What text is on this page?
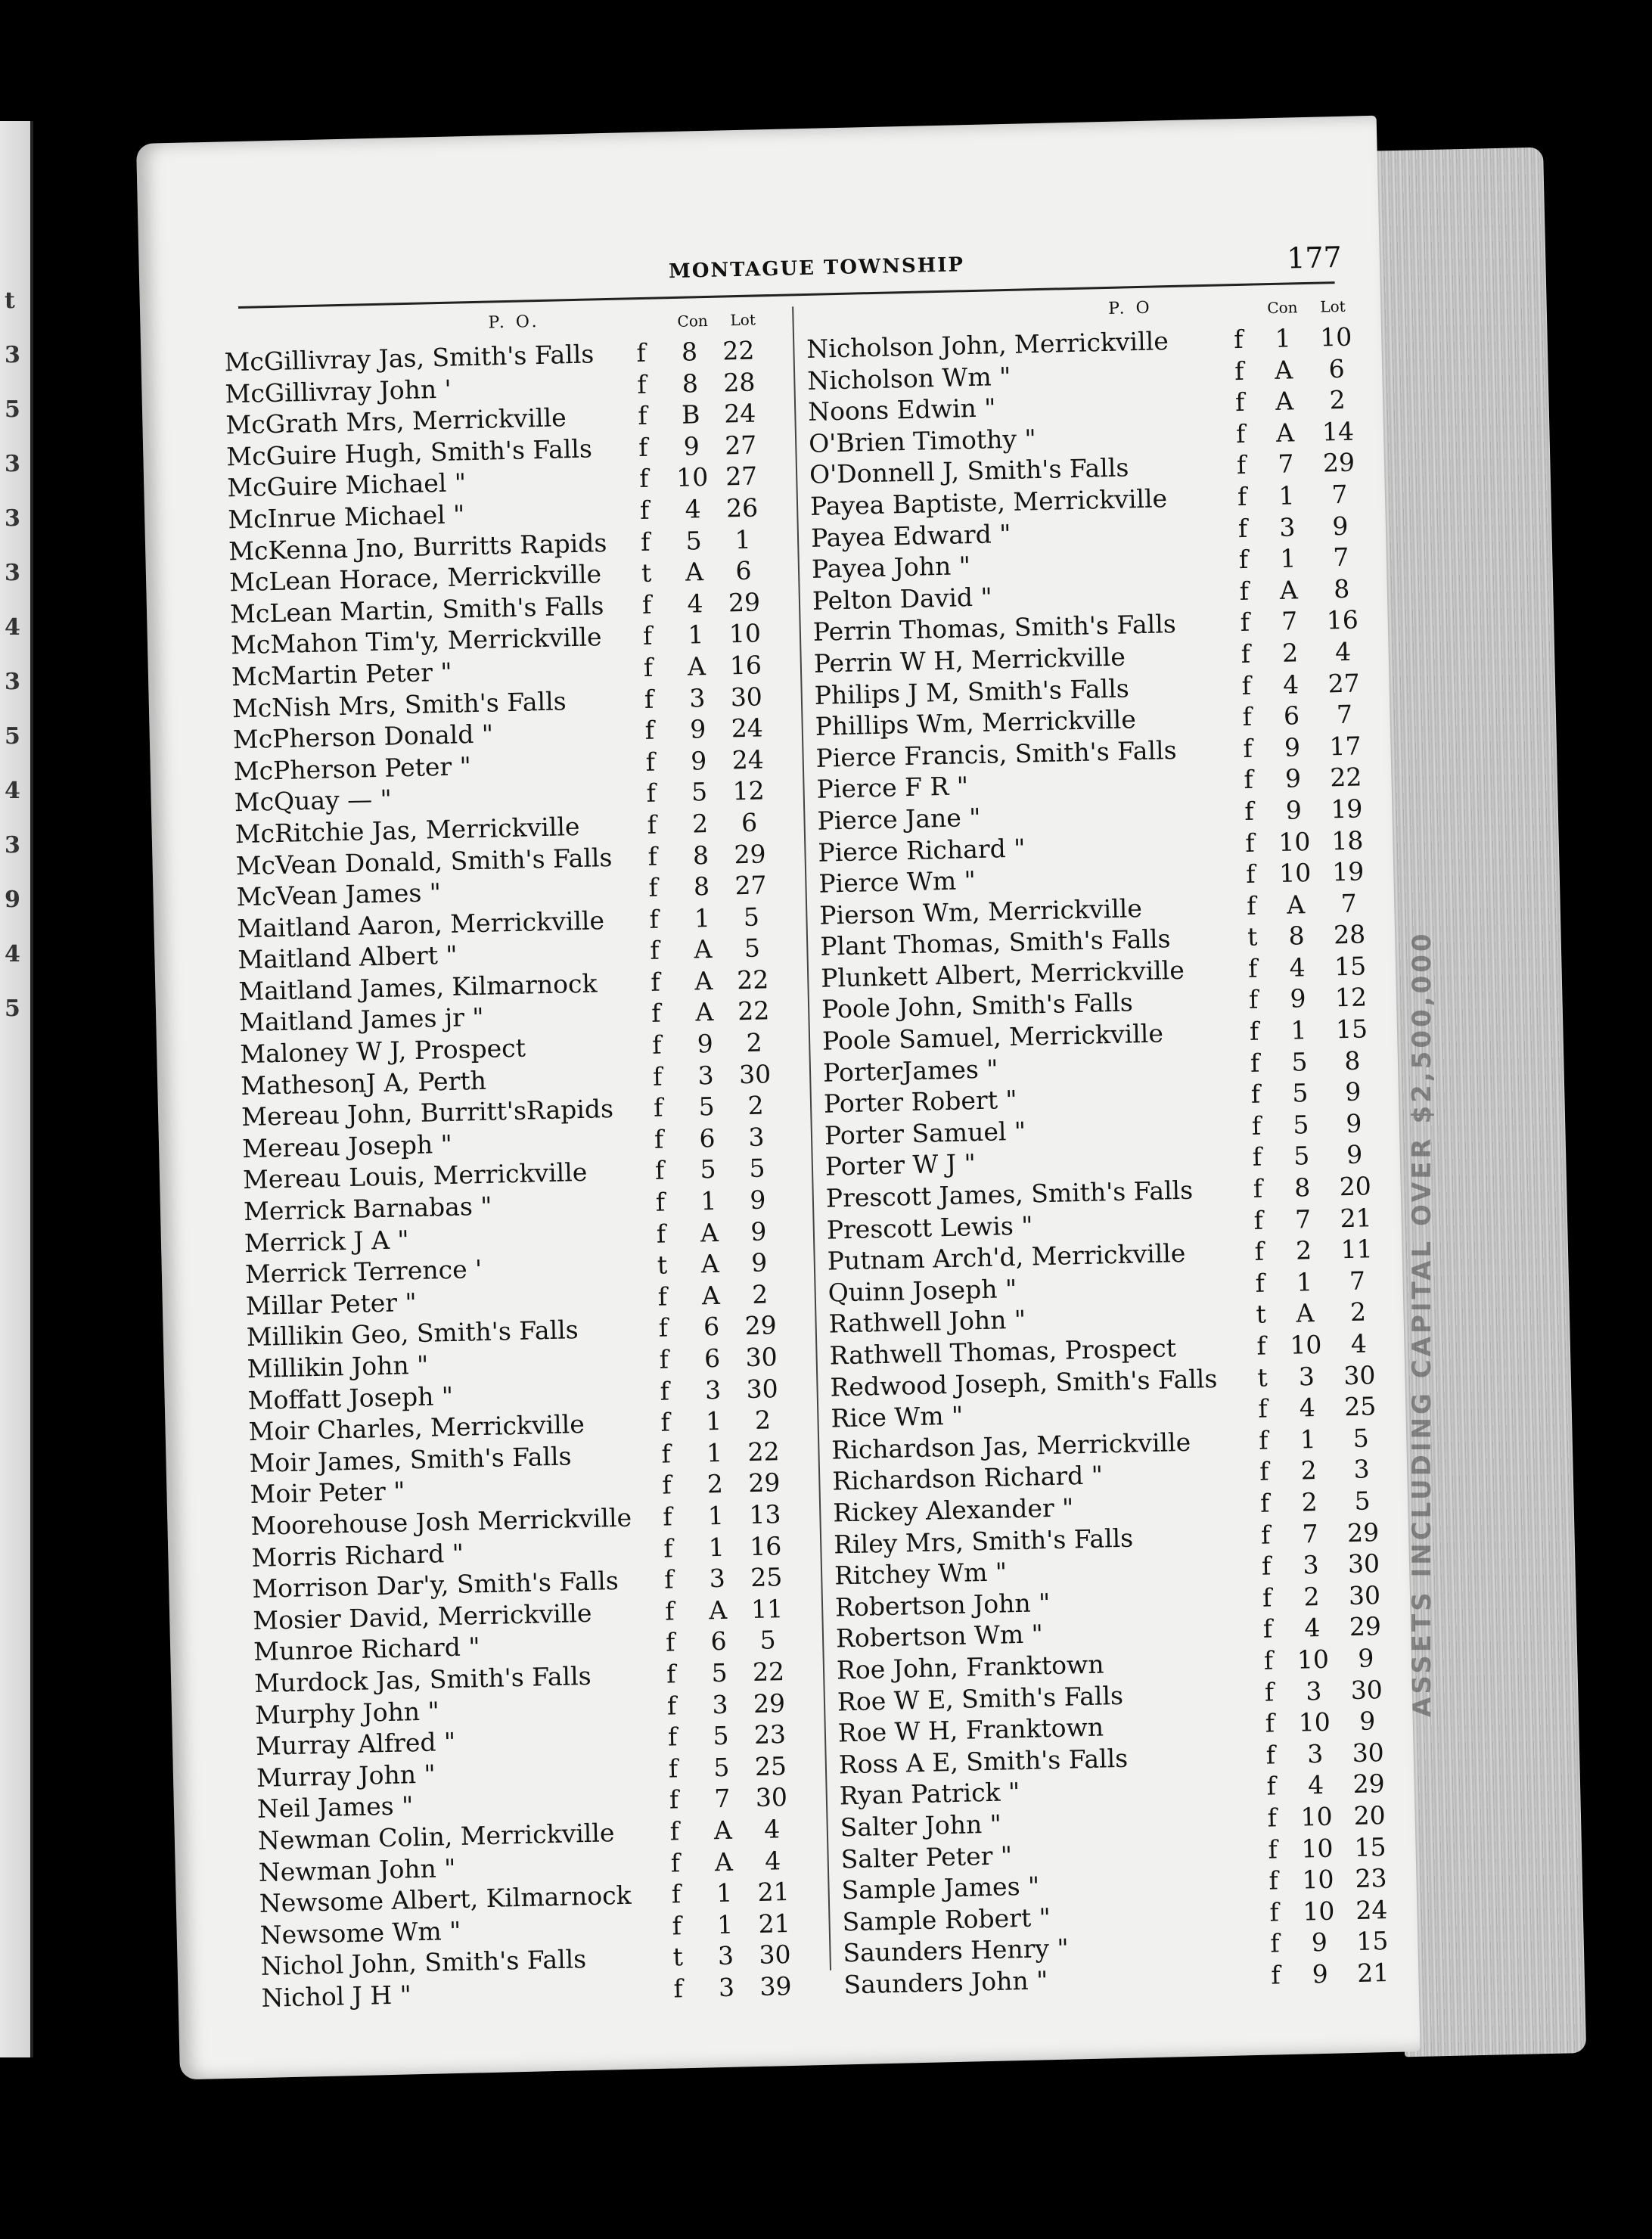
t
3
5
3
3
3
4
3
5
4
3
9
4
5	ASSETS INCLUDING CAPITAL OVER $2,500,000
MONTAGUE TOWNSHIP	177
P. O.	Con Lot
McGillivray Jas, Smith's Falls f	8 22
McGillivray John '	f	8 28
McGrath Mrs, Merrickville	f	B 24
McGuire Hugh, Smith's Falls f	9 27
McGuire Michael "	f 10 27
McInrue Michael "	f	4 26
McKenna Jno, Burritts Rapids f	5	1
McLean Horace, Merrickville t	A	6
McLean Martin, Smith's Falls f	4 29
McMahon Tim'y, Merrickville f	1 10
McMartin Peter "	f	A 16
McNish Mrs, Smith's Falls	f	3 30
McPherson Donald "	f	9 24
McPherson Peter "	f	9 24
McQuay — "	f	5 12
McRitchie Jas, Merrickville	f	2	6
McVean Donald, Smith's Falls f	8 29
McVean James "	f	8 27
Maitland Aaron, Merrickville f	1	5
Maitland Albert "	f	A	5
Maitland James, Kilmarnock f	A 22
Maitland James jr "	f	A 22
Maloney W J, Prospect	f	9	2
MathesonJ A, Perth	f	3 30
Mereau John, Burritt'sRapids f	5	2
Mereau Joseph "	f	6	3
Mereau Louis, Merrickville	f	5	5
Merrick Barnabas "	f	1	9
Merrick J A "	f	A	9
Merrick Terrence '	t	A	9
Millar Peter "	f	A	2
Millikin Geo, Smith's Falls	f	6 29
Millikin John "	f	6 30
Moffatt Joseph "	f	3 30
Moir Charles, Merrickville	f	1	2
Moir James, Smith's Falls	f	1 22
Moir Peter "	f	2 29
Moorehouse Josh Merrickville f	1 13
Morris Richard "	f	1 16
Morrison Dar'y, Smith's Falls f	3 25
Mosier David, Merrickville	f	A 11
Munroe Richard "	f	6	5
Murdock Jas, Smith's Falls	f	5 22
Murphy John "	f	3 29
Murray Alfred "	f	5 23
Murray John "	f	5 25
Neil James "	f	7 30
Newman Colin, Merrickville f	A	4
Newman John "	f	A	4
Newsome Albert, Kilmarnock f	1 21
Newsome Wm "	f	1 21
Nichol John, Smith's Falls	t	3 30
Nichol J H "	f	3 39
P. O	Con Lot
Nicholson John, Merrickville	f	1	10
Nicholson Wm "	f	A	6
Noons Edwin "	f	A	2
O'Brien Timothy "	f	A	14
O'Donnell J, Smith's Falls	f	7	29
Payea Baptiste, Merrickville	f	1	7
Payea Edward "	f	3	9
Payea John "	f	1	7
Pelton David "	f	A	8
Perrin Thomas, Smith's Falls	f	7	16
Perrin W H, Merrickville	f	2	4
Philips J M, Smith's Falls	f	4	27
Phillips Wm, Merrickville	f	6	7
Pierce Francis, Smith's Falls	f	9	17
Pierce F R "	f	9	22
Pierce Jane "	f	9	19
Pierce Richard "	f 10 18
Pierce Wm "	f 10 19
Pierson Wm, Merrickville	f	A	7
Plant Thomas, Smith's Falls	t	8	28
Plunkett Albert, Merrickville	f	4	15
Poole John, Smith's Falls	f	9	12
Poole Samuel, Merrickville	f	1	15
PorterJames "	f	5	8
Porter Robert "	f	5	9
Porter Samuel "	f	5	9
Porter W J "	f	5	9
Prescott James, Smith's Falls f	8	20
Prescott Lewis "	f	7	21
Putnam Arch'd, Merrickville	f	2	11
Quinn Joseph "	f	1	7
Rathwell John "	t	A	2
Rathwell Thomas, Prospect	f 10	4
Redwood Joseph, Smith's Falls t	3	30
Rice Wm "	f	4	25
Richardson Jas, Merrickville	f	1	5
Richardson Richard "	f	2	3
Rickey Alexander "	f	2	5
Riley Mrs, Smith's Falls	f	7	29
Ritchey Wm "	f	3	30
Robertson John "	f	2	30
Robertson Wm "	f	4	29
Roe John, Franktown	f 10	9
Roe W E, Smith's Falls	f	3	30
Roe W H, Franktown	f 10	9
Ross A E, Smith's Falls	f	3	30
Ryan Patrick "	f	4	29
Salter John "	f 10 20
Salter Peter "	f 10 15
Sample James "	f 10 23
Sample Robert "	f 10 24
Saunders Henry "	f	9	15
Saunders John "	f	9	21
